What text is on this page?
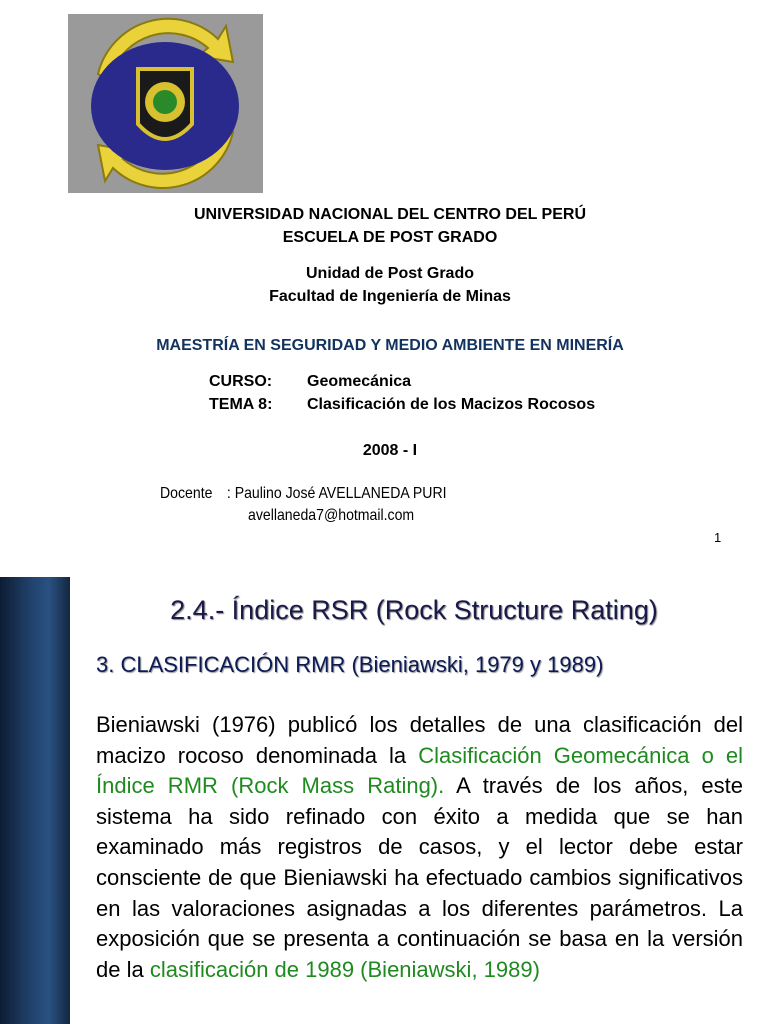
UNIVERSIDAD NACIONAL DEL CENTRO DEL PERÚ
ESCUELA DE POST GRADO
Unidad de Post Grado
Facultad de Ingeniería de Minas
MAESTRÍA EN SEGURIDAD Y MEDIO AMBIENTE EN MINERÍA
CURSO: Geomecánica
TEMA 8: Clasificación de los Macizos Rocosos
2008 - I
Docente : Paulino José AVELLANEDA PURI
avellaneda7@hotmail.com
1
2.4.- Índice RSR (Rock Structure Rating)
3. CLASIFICACIÓN RMR (Bieniawski, 1979 y 1989)
Bieniawski (1976) publicó los detalles de una clasificación del macizo rocoso denominada la Clasificación Geomecánica o el Índice RMR (Rock Mass Rating). A través de los años, este sistema ha sido refinado con éxito a medida que se han examinado más registros de casos, y el lector debe estar consciente de que Bieniawski ha efectuado cambios significativos en las valoraciones asignadas a los diferentes parámetros. La exposición que se presenta a continuación se basa en la versión de la clasificación de 1989 (Bieniawski, 1989)
